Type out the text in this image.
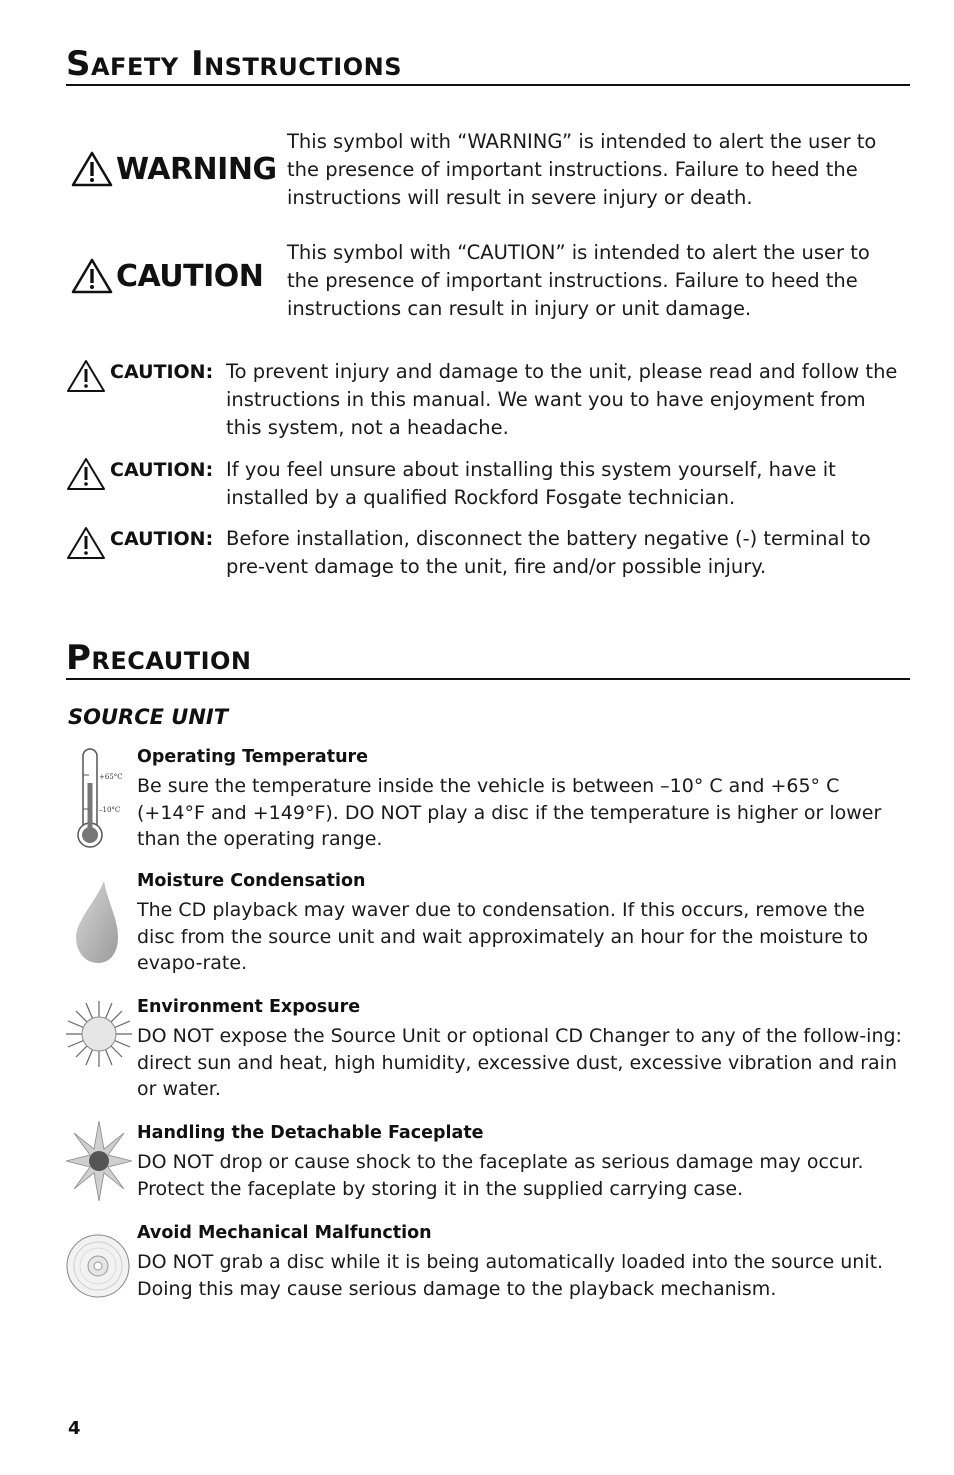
Safety Instructions
WARNING
This symbol with “WARNING” is intended to alert the user to the presence of important instructions. Failure to heed the instructions will result in severe injury or death.
CAUTION
This symbol with “CAUTION” is intended to alert the user to the presence of important instructions. Failure to heed the instructions can result in injury or unit damage.
CAUTION: To prevent injury and damage to the unit, please read and follow the instructions in this manual. We want you to have enjoyment from this system, not a headache.
CAUTION: If you feel unsure about installing this system yourself, have it installed by a qualified Rockford Fosgate technician.
CAUTION: Before installation, disconnect the battery negative (-) terminal to pre-vent damage to the unit, fire and/or possible injury.
Precaution
SOURCE UNIT
+65°C
–10°C
Operating Temperature
Be sure the temperature inside the vehicle is between –10° C and +65° C (+14°F and +149°F). DO NOT play a disc if the temperature is higher or lower than the operating range.
Moisture Condensation
The CD playback may waver due to condensation. If this occurs, remove the disc from the source unit and wait approximately an hour for the moisture to evapo-rate.
Environment Exposure
DO NOT expose the Source Unit or optional CD Changer to any of the follow-ing: direct sun and heat, high humidity, excessive dust, excessive vibration and rain or water.
Handling the Detachable Faceplate
DO NOT drop or cause shock to the faceplate as serious damage may occur. Protect the faceplate by storing it in the supplied carrying case.
Avoid Mechanical Malfunction
DO NOT grab a disc while it is being automatically loaded into the source unit. Doing this may cause serious damage to the playback mechanism.
4
